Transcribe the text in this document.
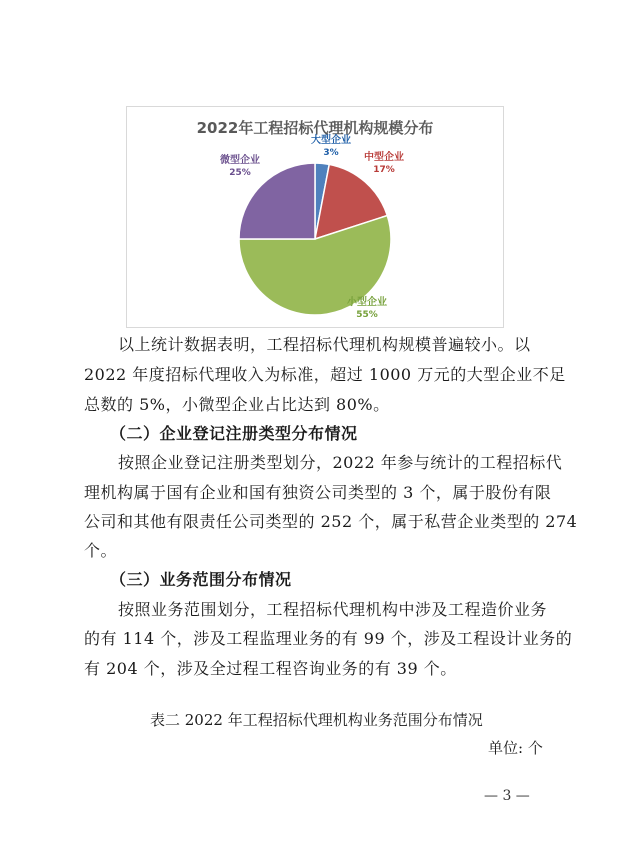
2022年工程招标代理机构规模分布
大型企业
3%	中型企业
17%
小型企业
55%
微型企业
25%
以上统计数据表明，工程招标代理机构规模普遍较小。以
2022 年度招标代理收入为标准，超过 1000 万元的大型企业不足
总数的 5%，小微型企业占比达到 80%。
（二）企业登记注册类型分布情况
按照企业登记注册类型划分，2022 年参与统计的工程招标代
理机构属于国有企业和国有独资公司类型的 3 个，属于股份有限
公司和其他有限责任公司类型的 252 个，属于私营企业类型的 274
个。
（三）业务范围分布情况
按照业务范围划分，工程招标代理机构中涉及工程造价业务
的有 114 个，涉及工程监理业务的有 99 个，涉及工程设计业务的
有 204 个，涉及全过程工程咨询业务的有 39 个。
表二 2022 年工程招标代理机构业务范围分布情况
单位: 个
— 3 —
